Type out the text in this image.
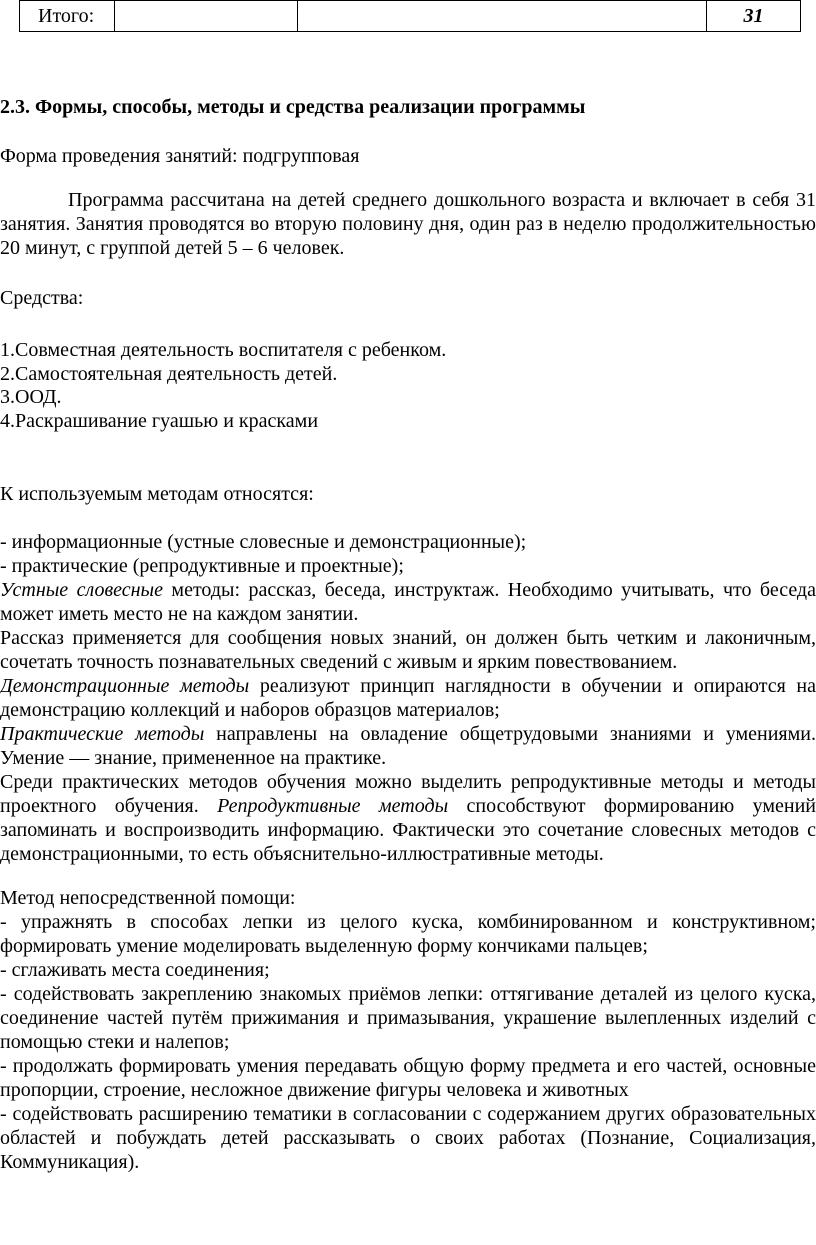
Итого:			31

2.3. Формы, способы, методы и средства реализации программы

Форма проведения занятий: подгрупповая

Программа рассчитана на детей среднего дошкольного возраста и включает в себя 31 занятия. Занятия проводятся во вторую половину дня, один раз в неделю продолжительностью 20 минут, с группой детей 5 – 6 человек.

Средства:

1.Совместная деятельность воспитателя с ребенком.

2.Самостоятельная деятельность детей.

3.ООД.

4.Раскрашивание гуашью и красками

К используемым методам относятся:

- информационные (устные словесные и демонстрационные);

- практические (репродуктивные и проектные);

Устные словесные методы: рассказ, беседа, инструктаж. Необходимо учитывать, что беседа может иметь место не на каждом занятии.

Рассказ применяется для сообщения новых знаний, он должен быть четким и лаконичным, сочетать точность познавательных сведений с живым и ярким повествованием.

Демонстрационные методы реализуют принцип наглядности в обучении и опираются на демонстрацию коллекций и наборов образцов материалов;

Практические методы направлены на овладение общетрудовыми знаниями и умениями. Умение — знание, примененное на практике.

Среди практических методов обучения можно выделить репродуктивные методы и методы проектного обучения. Репродуктивные методы способствуют формированию умений запоминать и воспроизводить информацию. Фактически это сочетание словесных методов с демонстрационными, то есть объяснительно-иллюстративные методы.

Метод непосредственной помощи:

- упражнять в способах лепки из целого куска, комбинированном и конструктивном; формировать умение моделировать выделенную форму кончиками пальцев;

- сглаживать места соединения;

- содействовать закреплению знакомых приёмов лепки: оттягивание деталей из целого куска, соединение частей путём прижимания и примазывания, украшение вылепленных изделий с помощью стеки и налепов;

- продолжать формировать умения передавать общую форму предмета и его частей, основные пропорции, строение, несложное движение фигуры человека и животных

- содействовать расширению тематики в согласовании с содержанием других образовательных областей и побуждать детей рассказывать о своих работах (Познание, Социализация, Коммуникация).
